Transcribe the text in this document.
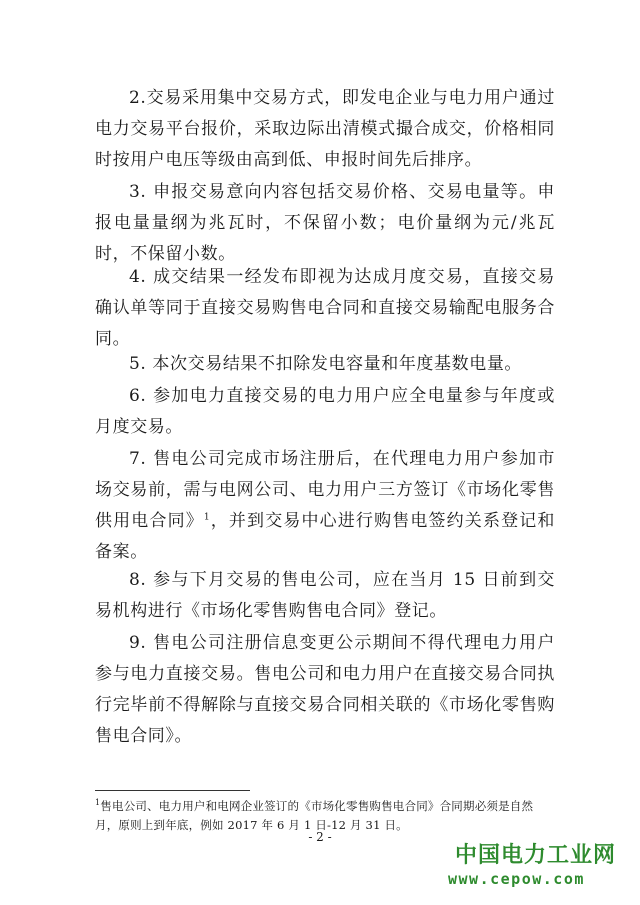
2.交易采用集中交易方式，即发电企业与电力用户通过电力交易平台报价，采取边际出清模式撮合成交，价格相同时按用户电压等级由高到低、申报时间先后排序。

3. 申报交易意向内容包括交易价格、交易电量等。申报电量量纲为兆瓦时，不保留小数；电价量纲为元/兆瓦时，不保留小数。

4. 成交结果一经发布即视为达成月度交易，直接交易确认单等同于直接交易购售电合同和直接交易输配电服务合同。

5. 本次交易结果不扣除发电容量和年度基数电量。

6. 参加电力直接交易的电力用户应全电量参与年度或月度交易。

7. 售电公司完成市场注册后，在代理电力用户参加市场交易前，需与电网公司、电力用户三方签订《市场化零售供用电合同》$^1$，并到交易中心进行购售电签约关系登记和备案。

8. 参与下月交易的售电公司，应在当月 15 日前到交易机构进行《市场化零售购售电合同》登记。

9. 售电公司注册信息变更公示期间不得代理电力用户参与电力直接交易。售电公司和电力用户在直接交易合同执行完毕前不得解除与直接交易合同相关联的《市场化零售购售电合同》。

$^1$售电公司、电力用户和电网企业签订的《市场化零售购售电合同》合同期必须是自然月，原则上到年底，例如 2017 年 6 月 1 日-12 月 31 日。

- 2 -
中国电力工业网
www.cepow.com
